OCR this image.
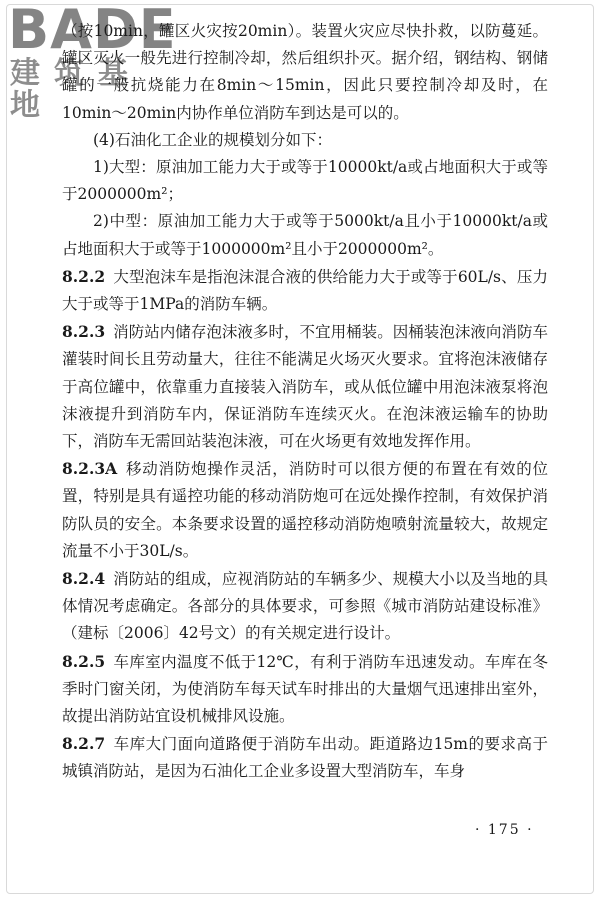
BADE
建筑基地

（按10min，罐区火灾按20min）。装置火灾应尽快扑救，以防蔓延。罐区灭火一般先进行控制冷却，然后组织扑灭。据介绍，钢结构、钢储罐的一般抗烧能力在8min～15min，因此只要控制冷却及时，在10min～20min内协作单位消防车到达是可以的。

(4)石油化工企业的规模划分如下：

1)大型：原油加工能力大于或等于10000kt/a或占地面积大于或等于2000000m²；

2)中型：原油加工能力大于或等于5000kt/a且小于10000kt/a或占地面积大于或等于1000000m²且小于2000000m²。

8.2.2 大型泡沫车是指泡沫混合液的供给能力大于或等于60L/s、压力大于或等于1MPa的消防车辆。

8.2.3 消防站内储存泡沫液多时，不宜用桶装。因桶装泡沫液向消防车灌装时间长且劳动量大，往往不能满足火场灭火要求。宜将泡沫液储存于高位罐中，依靠重力直接装入消防车，或从低位罐中用泡沫液泵将泡沫液提升到消防车内，保证消防车连续灭火。在泡沫液运输车的协助下，消防车无需回站装泡沫液，可在火场更有效地发挥作用。

8.2.3A 移动消防炮操作灵活，消防时可以很方便的布置在有效的位置，特别是具有遥控功能的移动消防炮可在远处操作控制，有效保护消防队员的安全。本条要求设置的遥控移动消防炮喷射流量较大，故规定流量不小于30L/s。

8.2.4 消防站的组成，应视消防站的车辆多少、规模大小以及当地的具体情况考虑确定。各部分的具体要求，可参照《城市消防站建设标准》（建标〔2006〕42号文）的有关规定进行设计。

8.2.5 车库室内温度不低于12℃，有利于消防车迅速发动。车库在冬季时门窗关闭，为使消防车每天试车时排出的大量烟气迅速排出室外，故提出消防站宜设机械排风设施。

8.2.7 车库大门面向道路便于消防车出动。距道路边15m的要求高于城镇消防站，是因为石油化工企业多设置大型消防车，车身

· 175 ·
